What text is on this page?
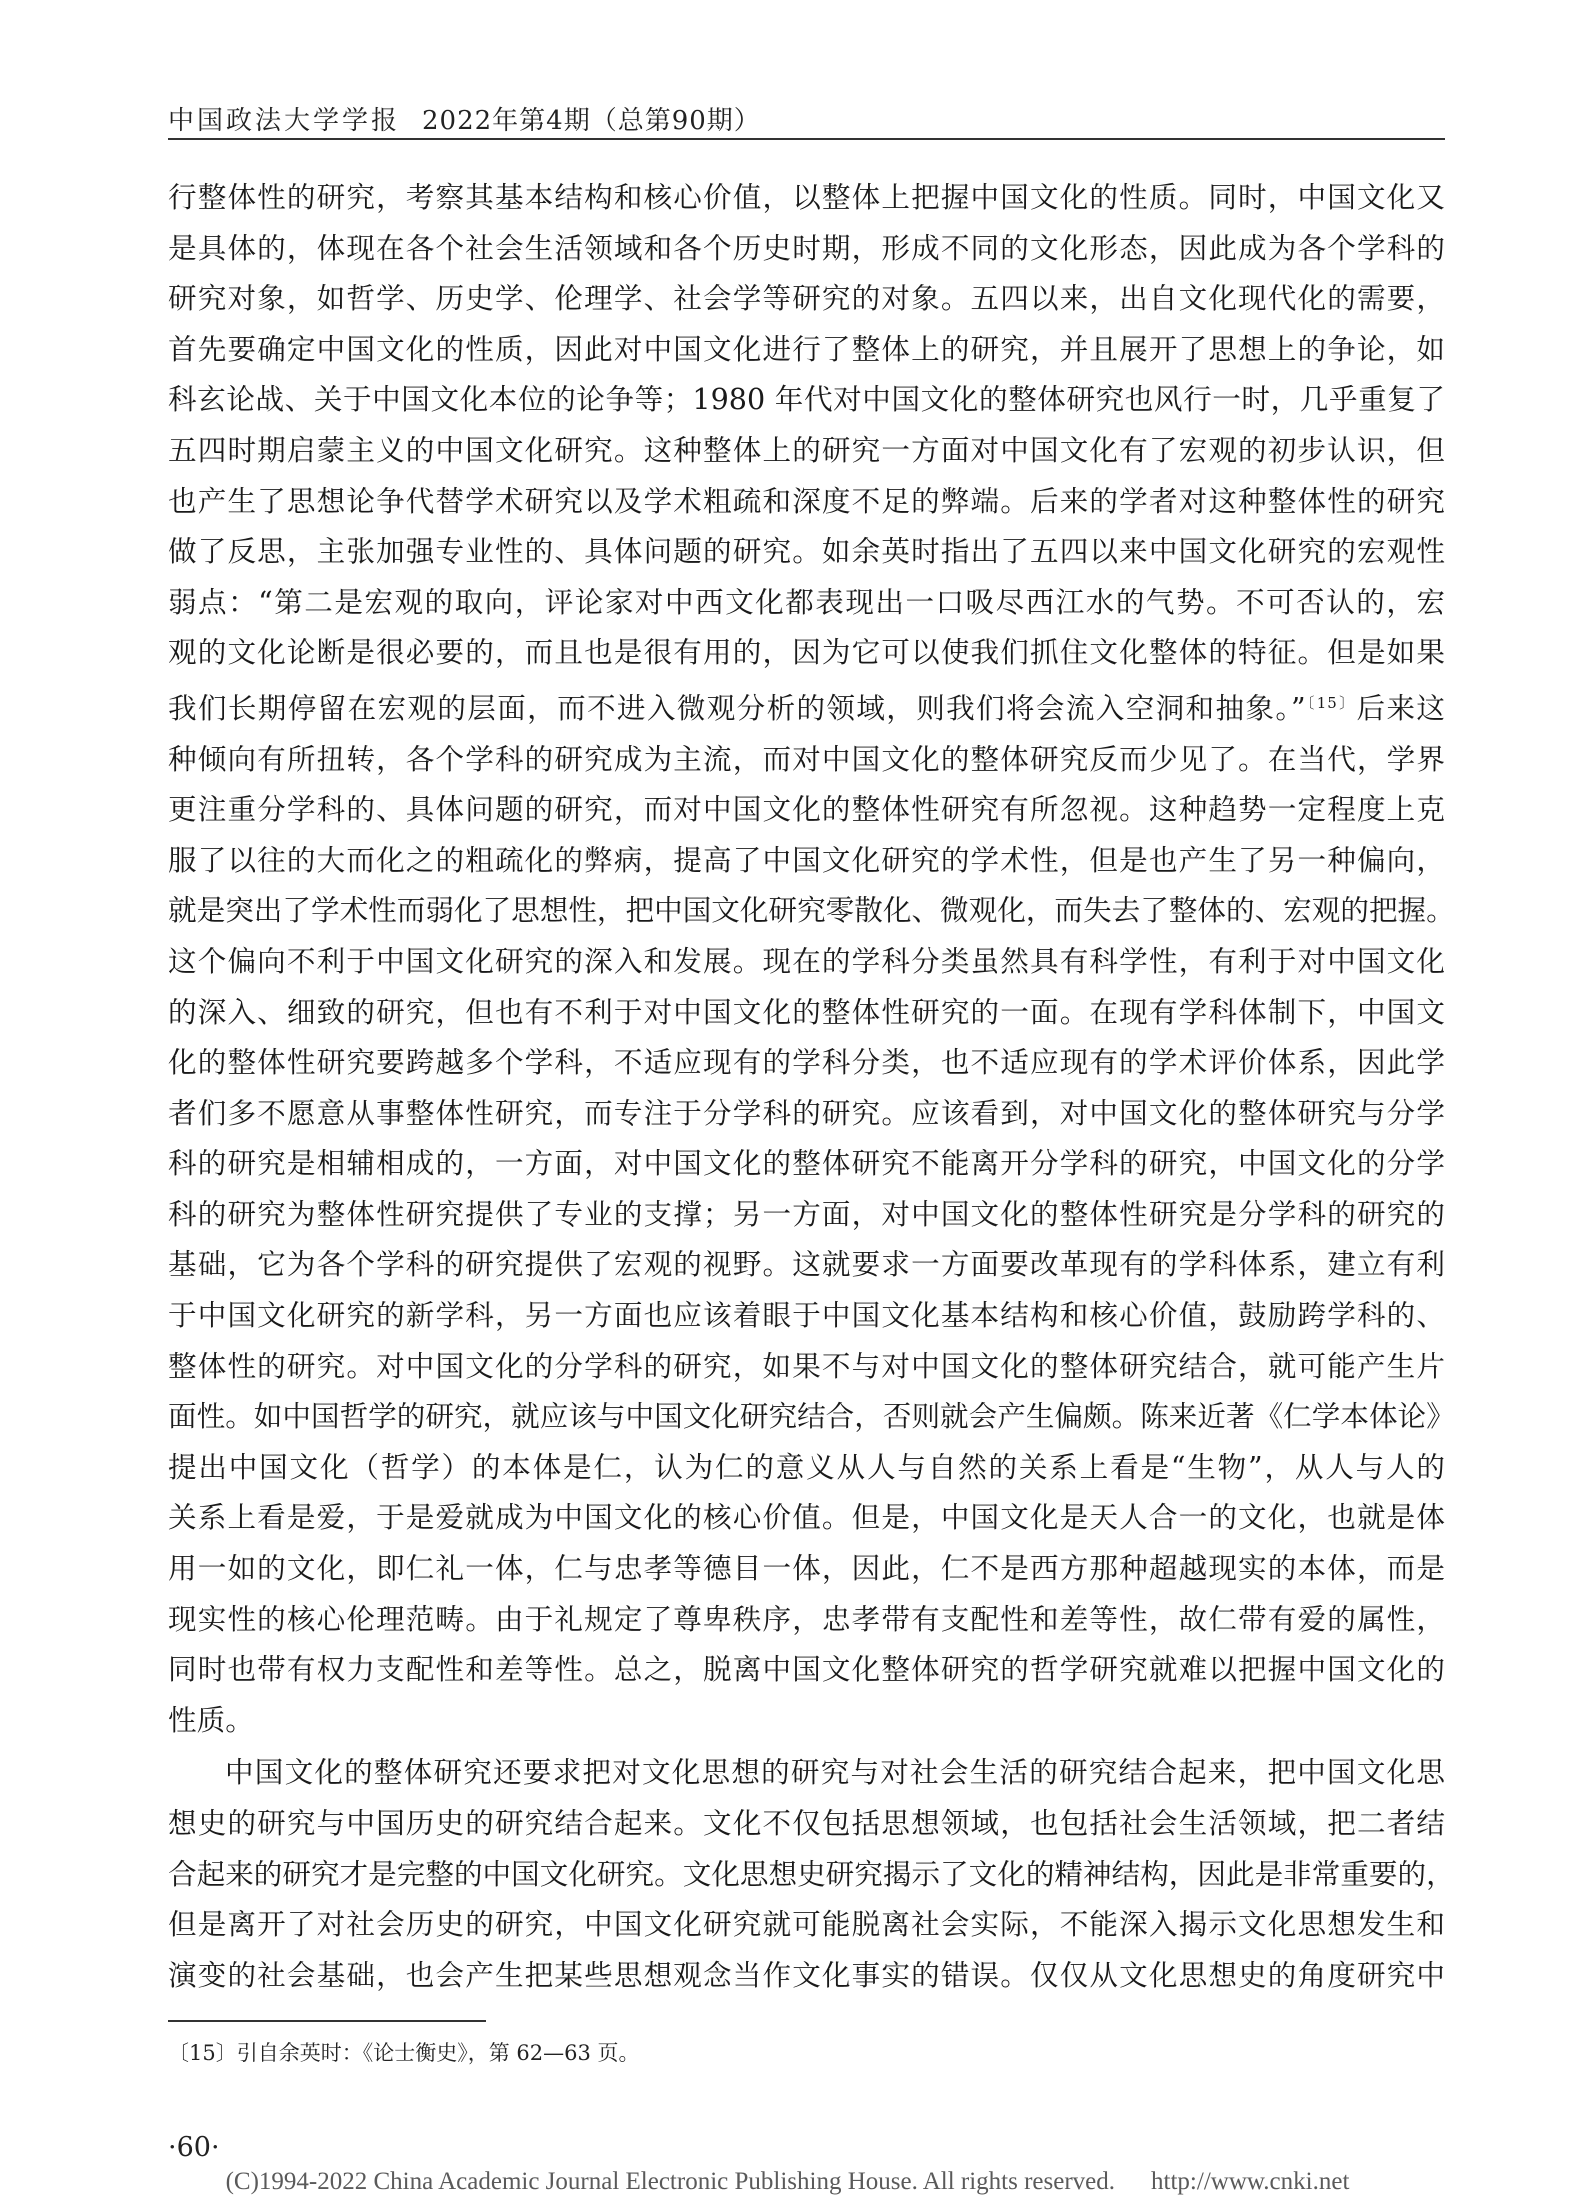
中国政法大学学报 2022年第4期（总第90期）

行整体性的研究，考察其基本结构和核心价值，以整体上把握中国文化的性质。同时，中国文化又
是具体的，体现在各个社会生活领域和各个历史时期，形成不同的文化形态，因此成为各个学科的
研究对象，如哲学、历史学、伦理学、社会学等研究的对象。五四以来，出自文化现代化的需要，
首先要确定中国文化的性质，因此对中国文化进行了整体上的研究，并且展开了思想上的争论，如
科玄论战、关于中国文化本位的论争等；1980 年代对中国文化的整体研究也风行一时，几乎重复了
五四时期启蒙主义的中国文化研究。这种整体上的研究一方面对中国文化有了宏观的初步认识，但
也产生了思想论争代替学术研究以及学术粗疏和深度不足的弊端。后来的学者对这种整体性的研究
做了反思，主张加强专业性的、具体问题的研究。如余英时指出了五四以来中国文化研究的宏观性
弱点：“第二是宏观的取向，评论家对中西文化都表现出一口吸尽西江水的气势。不可否认的，宏
观的文化论断是很必要的，而且也是很有用的，因为它可以使我们抓住文化整体的特征。但是如果
我们长期停留在宏观的层面，而不进入微观分析的领域，则我们将会流入空洞和抽象。”$^{〔15〕}$后来这
种倾向有所扭转，各个学科的研究成为主流，而对中国文化的整体研究反而少见了。在当代，学界
更注重分学科的、具体问题的研究，而对中国文化的整体性研究有所忽视。这种趋势一定程度上克
服了以往的大而化之的粗疏化的弊病，提高了中国文化研究的学术性，但是也产生了另一种偏向，
就是突出了学术性而弱化了思想性，把中国文化研究零散化、微观化，而失去了整体的、宏观的把握。
这个偏向不利于中国文化研究的深入和发展。现在的学科分类虽然具有科学性，有利于对中国文化
的深入、细致的研究，但也有不利于对中国文化的整体性研究的一面。在现有学科体制下，中国文
化的整体性研究要跨越多个学科，不适应现有的学科分类，也不适应现有的学术评价体系，因此学
者们多不愿意从事整体性研究，而专注于分学科的研究。应该看到，对中国文化的整体研究与分学
科的研究是相辅相成的，一方面，对中国文化的整体研究不能离开分学科的研究，中国文化的分学
科的研究为整体性研究提供了专业的支撑；另一方面，对中国文化的整体性研究是分学科的研究的
基础，它为各个学科的研究提供了宏观的视野。这就要求一方面要改革现有的学科体系，建立有利
于中国文化研究的新学科，另一方面也应该着眼于中国文化基本结构和核心价值，鼓励跨学科的、
整体性的研究。对中国文化的分学科的研究，如果不与对中国文化的整体研究结合，就可能产生片
面性。如中国哲学的研究，就应该与中国文化研究结合，否则就会产生偏颇。陈来近著《仁学本体论》
提出中国文化（哲学）的本体是仁，认为仁的意义从人与自然的关系上看是“生物”，从人与人的
关系上看是爱，于是爱就成为中国文化的核心价值。但是，中国文化是天人合一的文化，也就是体
用一如的文化，即仁礼一体，仁与忠孝等德目一体，因此，仁不是西方那种超越现实的本体，而是
现实性的核心伦理范畴。由于礼规定了尊卑秩序，忠孝带有支配性和差等性，故仁带有爱的属性，
同时也带有权力支配性和差等性。总之，脱离中国文化整体研究的哲学研究就难以把握中国文化的
性质。

中国文化的整体研究还要求把对文化思想的研究与对社会生活的研究结合起来，把中国文化思
想史的研究与中国历史的研究结合起来。文化不仅包括思想领域，也包括社会生活领域，把二者结
合起来的研究才是完整的中国文化研究。文化思想史研究揭示了文化的精神结构，因此是非常重要的，
但是离开了对社会历史的研究，中国文化研究就可能脱离社会实际，不能深入揭示文化思想发生和
演变的社会基础，也会产生把某些思想观念当作文化事实的错误。仅仅从文化思想史的角度研究中

〔15〕引自余英时：《论士衡史》，第 62—63 页。
·60·
(C)1994-2022 China Academic Journal Electronic Publishing House. All rights reserved. http://www.cnki.net
